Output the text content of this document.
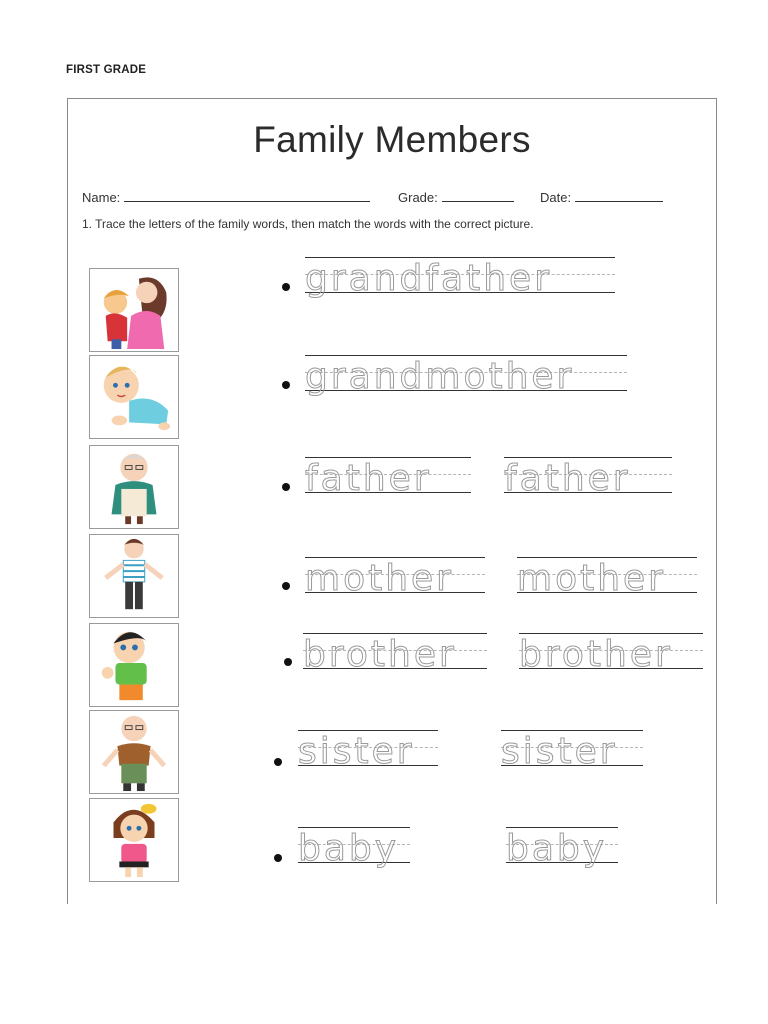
FIRST GRADE
Family Members
Name:	Grade:	Date:
1. Trace the letters of the family words, then match the words with the correct picture.
grandfather
grandmother
father	father
mother	mother
brother	brother
sister	sister
baby	baby
